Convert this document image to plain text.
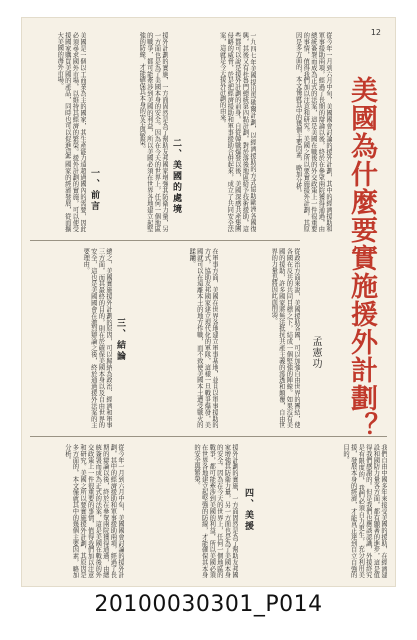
12
美國為什麼要實施援外計劃？
孟憲功
從今年一月到六月中旬，美國國會討論的援外計劃，其中的經濟援助和軍事援助兩項，經過了長期的辯論以後，終於在參眾兩院獲得通過，由總統簽署而成為正式的法案，這是美國在戰後的外交政策上一件很重要的事情，值得我們加以注意和研究。美國之所以要實施援外計劃，其原因是多方面的，本文僅就其中的幾個主要因素，略加分析。
一九四七年美國提出馬歇爾計劃，以經濟援助的方式協助歐洲各國復興，其後又有杜魯門總統第四點計劃，對於落後地區給予技術援助，這些都可以說是援外計劃的前身。自從韓戰爆發以後，美國深感共產集團侵略的威脅，於是把經濟援助和軍事援助合併起來，成立了共同安全法案，這就是今天援外計劃的由來。
二、美國的處境
援外計劃的實施，一方面固然是為了幫助友邦國家增強其防衛力量，另一方面也是為了美國本身的安全。因為在今天的世界上，任何一個地區的戰爭，都可能牽涉到美國的利益，所以美國必須在世界各地建立起堅強的防線，才能確保其本身的安全與繁榮。
一、前言
美國是一個以工商業為主的國家，其生產能力遠超過國內的需要，因此必須尋求國外市場，以維持其經濟的繁榮。援外計劃的實施，可以使受援國家購買美國的產品，同時也可以促進這些國家的經濟發展，從而擴大美國的海外市場。
從政治方面來說，美國援助各國，可以加強自由世界的團結，使各國在反共的共同目標之下，結成一個堅強的陣線。如果沒有美國的援助，許多國家將無法抵抗共產主義的滲透和顛覆，自由世界的力量也將因此而削弱。
在軍事方面，美國在世界各地建立軍事基地，並且以軍事援助的方式，協助友邦國家建立現代化的軍隊，這樣一旦戰爭爆發，美國就可以在遠離本土的地方作戰，而不致使美國本土遭受戰火的蹂躪。
三、結論
總之，美國實施援外計劃的原因，可以歸納為政治、經濟和軍事三方面，而其最終的目的，則在於確保美國本身以及自由世界的安全，這也是美國國會在激烈辯論之後，終於通過援外法案的主要理由。
我們自由中國多年來接受美國的援助，在經濟建設和國防力量各方面，都有顯著的進步，這是值得我們感謝的。但是我們也應該認識，外援終究是有限度的，我們必須自力更生，充分利用美援，發展本身的經濟，才能真正達到自立自強的目的。
四、美援
援外計劃的實施，一方面固然是為了幫助友邦國家增強其防衛力量，另一方面也是為了美國本身的安全。因為在今天的世界上，任何一個地區的戰爭，都可能牽涉到美國的利益，所以美國必須在世界各地建立起堅強的防線，才能確保其本身的安全與繁榮。
從今年一月到六月中旬，美國國會討論的援外計劃，其中的經濟援助和軍事援助兩項，經過了長期的辯論以後，終於在參眾兩院獲得通過，由總統簽署而成為正式的法案，這是美國在戰後的外交政策上一件很重要的事情，值得我們加以注意和研究。美國之所以要實施援外計劃，其原因是多方面的，本文僅就其中的幾個主要因素，略加分析。
20100030301_P014
